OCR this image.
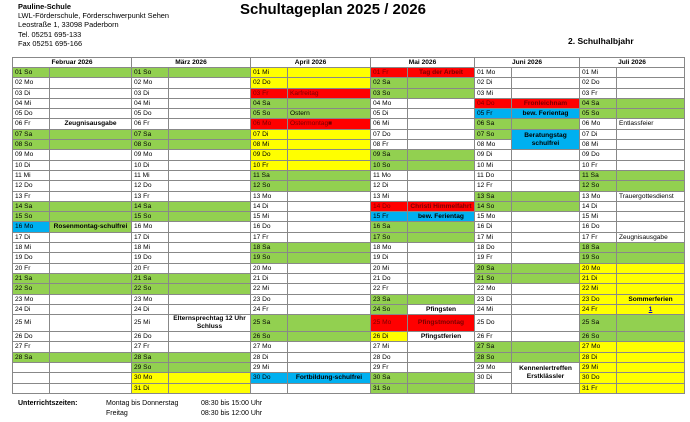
Pauline-Schule
LWL-Förderschule, Förderschwerpunkt Sehen
Leostraße 1, 33098 Paderborn
Tel. 05251 695-133
Fax 05251 695-166
Schultageplan 2025 / 2026
2. Schulhalbjahr
Februar 2026		März 2026		April 2026		Mai 2026		Juni 2026		Juli 2026	
01 So		01 So		01 Mi		01 Fr	Tag der Arbeit	01 Mo		01 Mi	
02 Mo		02 Mo		02 Do		02 Sa		02 Di		02 Do	
03 Di		03 Di		03 Fr	Karfreitag	03 So		03 Mi		03 Fr	
04 Mi		04 Mi		04 Sa		04 Mo		04 Do	Fronleichnam	04 Sa	
05 Do		05 Do		05 So	Ostern	05 Di		05 Fr	bew. Ferientag	05 So	
06 Fr	Zeugnisausgabe	06 Fr		06 Mo	Ostermontag■	06 Mi		06 Sa		06 Mo	Entlassfeier
07 Sa		07 Sa		07 Di		07 Do		07 So	Beratungstag schulfrei	07 Di	
08 So		08 So		08 Mi		08 Fr		08 Mo		08 Mi	
09 Mo		09 Mo		09 Do		09 Sa		09 Di		09 Do	
10 Di		10 Di		10 Fr		10 So		10 Mi		10 Fr	
11 Mi		11 Mi		11 Sa		11 Mo		11 Do		11 Sa	
12 Do		12 Do		12 So		12 Di		12 Fr		12 So	
13 Fr		13 Fr		13 Mo		13 Mi		13 Sa		13 Mo	Trauergottesdienst
14 Sa		14 Sa		14 Di		14 Do	Christi Himmelfahrt	14 So		14 Di	
15 So		15 So		15 Mi		15 Fr	bew. Ferientag	15 Mo		15 Mi	
16 Mo	Rosenmontag-schulfrei	16 Mo		16 Do		16 Sa		16 Di		16 Do	
17 Di		17 Di		17 Fr		17 So		17 Mi		17 Fr	Zeugnisausgabe
18 Mi		18 Mi		18 Sa		18 Mo		18 Do		18 Sa	
19 Do		19 Do		19 So		19 Di		19 Fr		19 So	
20 Fr		20 Fr		20 Mo		20 Mi		20 Sa		20 Mo	
21 Sa		21 Sa		21 Di		21 Do		21 So		21 Di	
22 So		22 So		22 Mi		22 Fr		22 Mo		22 Mi	
23 Mo		23 Mo		23 Do		23 Sa		23 Di		23 Do	Sommerferien
24 Di		24 Di		24 Fr		24 So	Pfingsten	24 Mi		24 Fr	1
25 Mi		25 Mi	Elternsprechtag 12 Uhr Schluss	25 Sa		25 Mo	Pfingstmontag	25 Do		25 Sa	
26 Do		26 Do		26 So		26 Di	Pfingstferien	26 Fr		26 So	
27 Fr		27 Fr		27 Mo		27 Mi		27 Sa		27 Mo	
28 Sa		28 Sa		28 Di		28 Do		28 So		28 Di	
		29 So		29 Mi		29 Fr		29 Mo	Kennenlertreffen Erstklässler	29 Mi	
		30 Mo		30 Do	Fortbildung-schulfrei	30 Sa		30 Di		30 Do	
		31 Di				31 So				31 Fr	
Unterrichtszeiten:	Montag bis Donnerstag	08:30 bis 15:00 Uhr
Freitag	08:30 bis 12:00 Uhr
